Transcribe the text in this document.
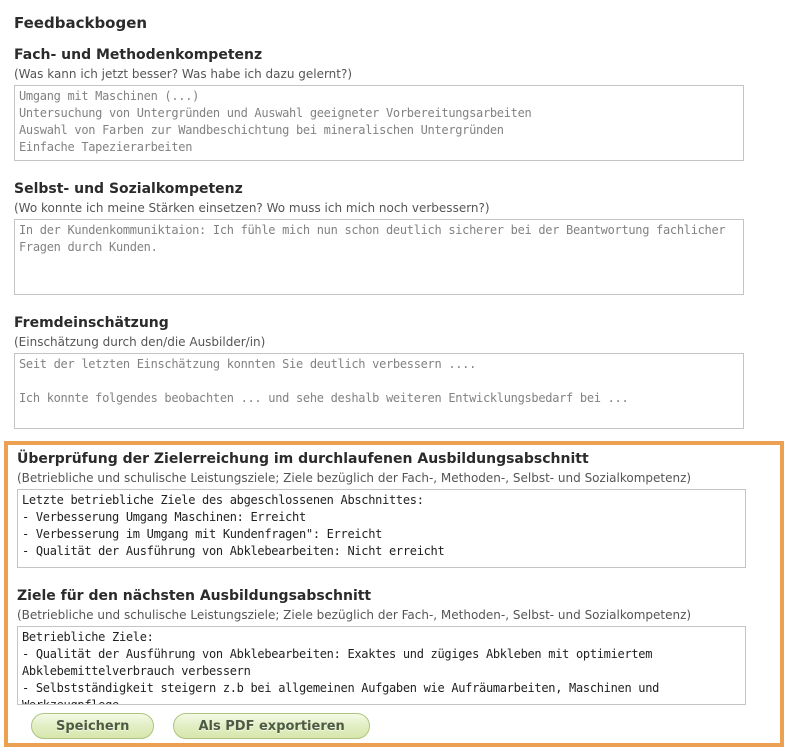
Feedbackbogen
Fach- und Methodenkompetenz
(Was kann ich jetzt besser? Was habe ich dazu gelernt?)
Umgang mit Maschinen (...) Untersuchung von Untergründen und Auswahl geeigneter Vorbereitungsarbeiten Auswahl von Farben zur Wandbeschichtung bei mineralischen Untergründen Einfache Tapezierarbeiten
Selbst- und Sozialkompetenz
(Wo konnte ich meine Stärken einsetzen? Wo muss ich mich noch verbessern?)
In der Kundenkommuniktaion: Ich fühle mich nun schon deutlich sicherer bei der Beantwortung fachlicher Fragen durch Kunden.
Fremdeinschätzung
(Einschätzung durch den/die Ausbilder/in)
Seit der letzten Einschätzung konnten Sie deutlich verbessern .... Ich konnte folgendes beobachten ... und sehe deshalb weiteren Entwicklungsbedarf bei ...
Überprüfung der Zielerreichung im durchlaufenen Ausbildungsabschnitt
(Betriebliche und schulische Leistungsziele; Ziele bezüglich der Fach-, Methoden-, Selbst- und Sozialkompetenz)
Letzte betriebliche Ziele des abgeschlossenen Abschnittes: - Verbesserung Umgang Maschinen: Erreicht - Verbesserung im Umgang mit Kundenfragen": Erreicht - Qualität der Ausführung von Abklebearbeiten: Nicht erreicht
Ziele für den nächsten Ausbildungsabschnitt
(Betriebliche und schulische Leistungsziele; Ziele bezüglich der Fach-, Methoden-, Selbst- und Sozialkompetenz)
Betriebliche Ziele: - Qualität der Ausführung von Abklebearbeiten: Exaktes und zügiges Abkleben mit optimiertem Abklebemittelverbrauch verbessern - Selbstständigkeit steigern z.b bei allgemeinen Aufgaben wie Aufräumarbeiten, Maschinen und Werkzeugpflege
Speichern	Als PDF exportieren
